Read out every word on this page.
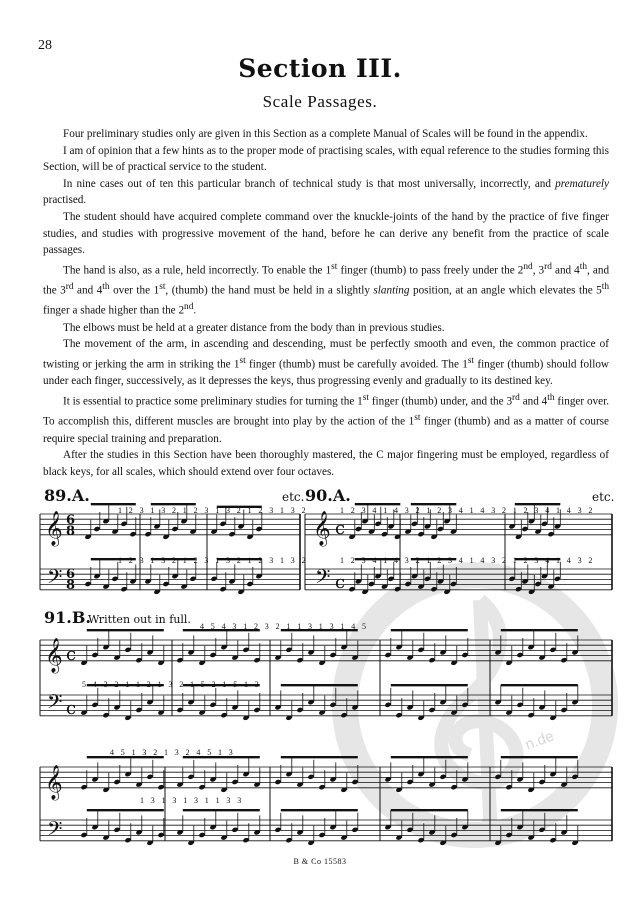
28
Section III.
Scale Passages.

Four preliminary studies only are given in this Section as a complete Manual of Scales will be found in the appendix.

I am of opinion that a few hints as to the proper mode of practising scales, with equal reference to the studies forming this Section, will be of practical service to the student.

In nine cases out of ten this particular branch of technical study is that most universally, incorrectly, and prematurely practised.

The student should have acquired complete command over the knuckle-joints of the hand by the practice of five finger studies, and studies with progressive movement of the hand, before he can derive any benefit from the practice of scale passages.

The hand is also, as a rule, held incorrectly. To enable the 1st finger (thumb) to pass freely under the 2nd, 3rd and 4th, and the 3rd and 4th over the 1st, (thumb) the hand must be held in a slightly slanting position, at an angle which elevates the 5th finger a shade higher than the 2nd.

The elbows must be held at a greater distance from the body than in previous studies.

The movement of the arm, in ascending and descending, must be perfectly smooth and even, the common practice of twisting or jerking the arm in striking the 1st finger (thumb) must be carefully avoided. The 1st finger (thumb) should follow under each finger, successively, as it depresses the keys, thus progressing evenly and gradually to its destined key.

It is essential to practice some preliminary studies for turning the 1st finger (thumb) under, and the 3rd and 4th finger over. To accomplish this, different muscles are brought into play by the action of the 1st finger (thumb) and as a matter of course require special training and preparation.

After the studies in this Section have been thoroughly mastered, the C major fingering must be employed, regardless of black keys, for all scales, which should extend over four octaves.

n.de
89.A.	90.A.
91.B.
Written out in full.
etc.	etc.
6
8
6
8
c
c
c
c
𝄞
𝄢
𝄞
𝄢
𝄞
𝄢
𝄞
𝄢
1 2 3 1 3 2 1 2 3 1 3 2 1 2 3 1 3 2
1 2 3 1 3 2 1 2 3 1 3 2 1 2 3 1 3 2
1 2 3 4 1 4 3 2 1 2 3 4 1 4 3 2 1 2 3 4 1 4 3 2
1 2 3 4 1 4 3 2 1 2 3 4 1 4 3 2 1 2 3 4 1 4 3 2
4 5 4 3 1 2 3 2 1 1 3 1 3 1 4 5
5 4 3 2 1 1 2 1 3 2 1 5 2 1 5 1 3
4 5 1 3 2 1 3 2 4 5 1 3
1 3 1 3 1 3 1 1 3 3
B & Co 15583
